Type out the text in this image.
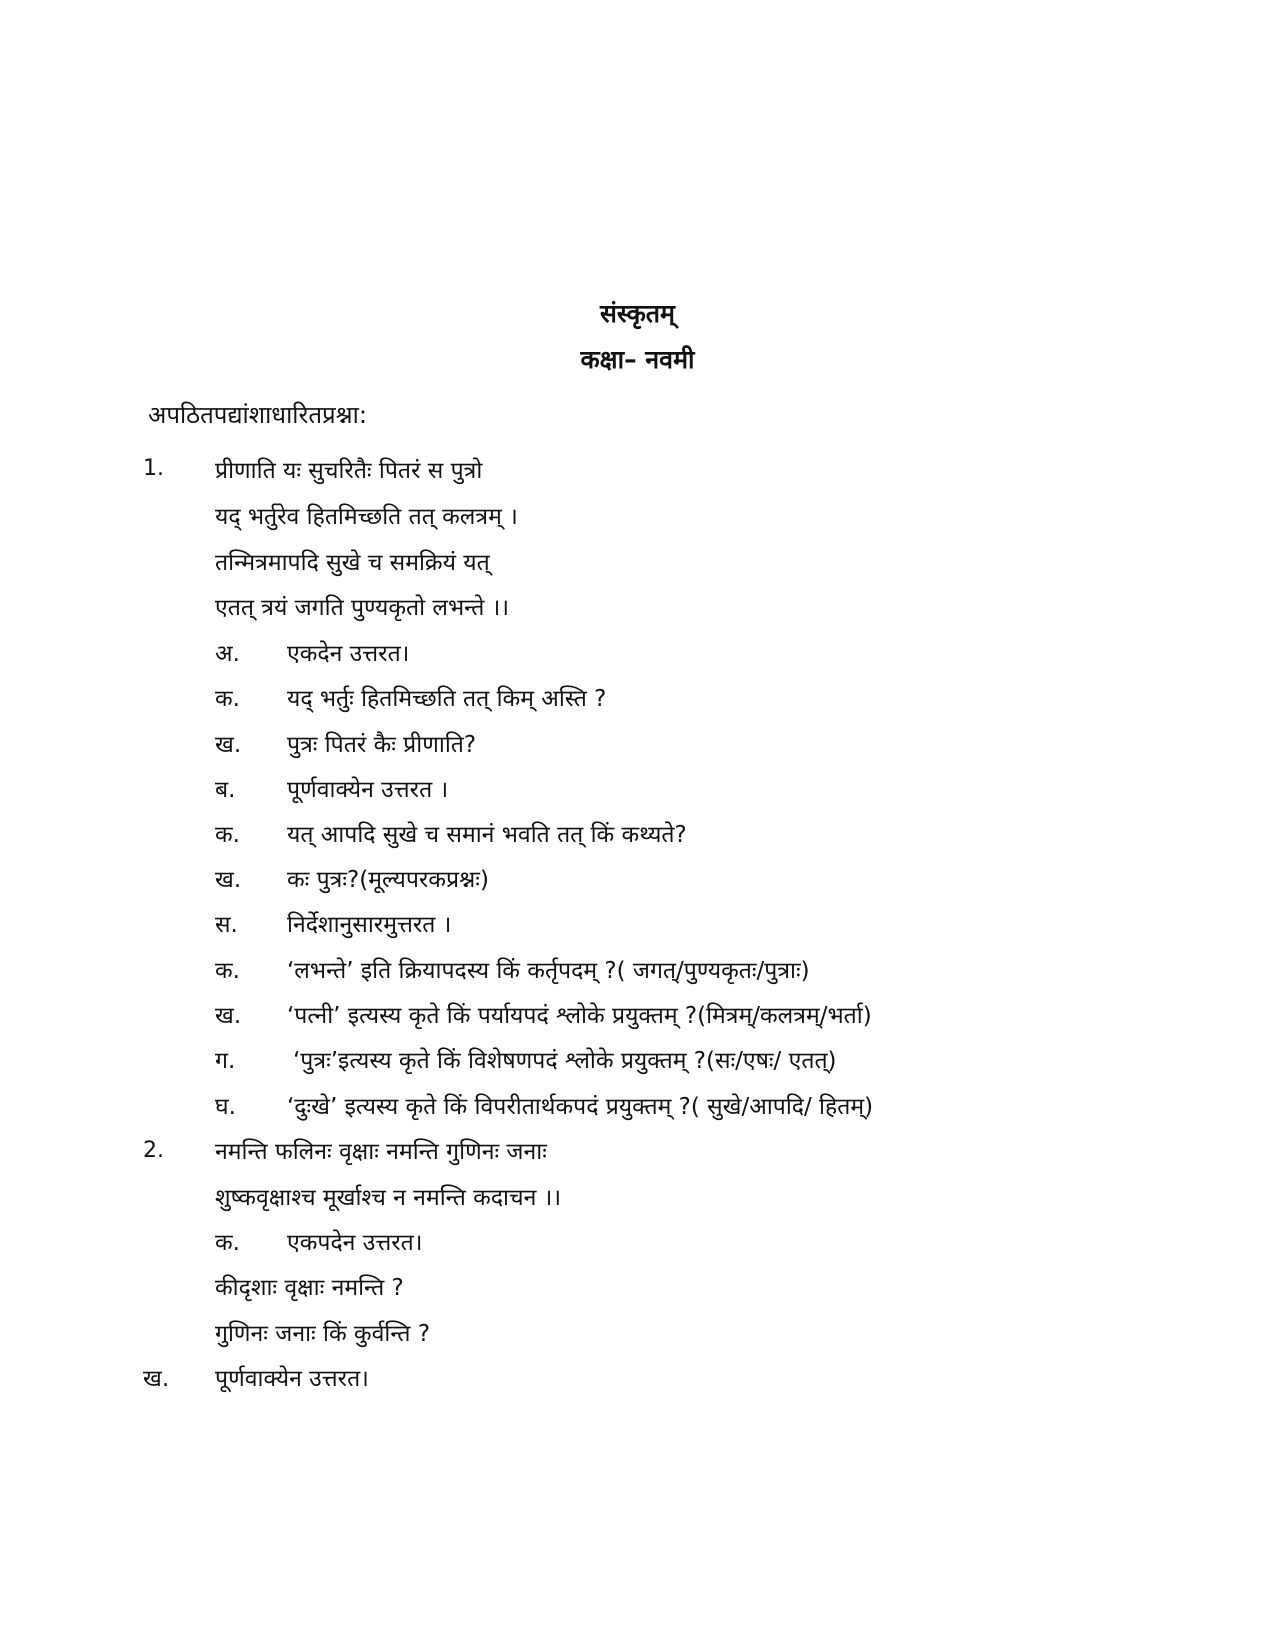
संस्कृतम्
कक्षा– नवमी
अपठितपद्यांशाधारितप्रश्ना:
1. प्रीणाति यः सुचरितैः पितरं स पुत्रो
यद् भर्तुरेव हितमिच्छति तत् कलत्रम् ।
तन्मित्रमापदि सुखे च समक्रियं यत्
एतत् त्रयं जगति पुण्यकृतो लभन्ते ।।
अ. एकदेन उत्तरत।
क. यद् भर्तुः हितमिच्छति तत् किम् अस्ति ?
ख. पुत्रः पितरं कैः प्रीणाति?
ब. पूर्णवाक्येन उत्तरत ।
क. यत् आपदि सुखे च समानं भवति तत् किं कथ्यते?
ख. कः पुत्रः?(मूल्यपरकप्रश्नः)
स. निर्देशानुसारमुत्तरत ।
क. ‘लभन्ते’ इति क्रियापदस्य किं कर्तृपदम् ?( जगत्/पुण्यकृतः/पुत्राः)
ख. ‘पत्नी’ इत्यस्य कृते किं पर्यायपदं श्लोके प्रयुक्तम् ?(मित्रम्/कलत्रम्/भर्ता)
ग.	‘पुत्रः’इत्यस्य कृते किं विशेषणपदं श्लोके प्रयुक्तम् ?(सः/एषः/ एतत्)
घ. ‘दुःखे’ इत्यस्य कृते किं विपरीतार्थकपदं प्रयुक्तम् ?( सुखे/आपदि/ हितम्)
2. नमन्ति फलिनः वृक्षाः नमन्ति गुणिनः जनाः
शुष्कवृक्षाश्च मूर्खाश्च न नमन्ति कदाचन ।।
क. एकपदेन उत्तरत।
कीदृशाः वृक्षाः नमन्ति ?
गुणिनः जनाः किं कुर्वन्ति ?
ख. पूर्णवाक्येन उत्तरत।
